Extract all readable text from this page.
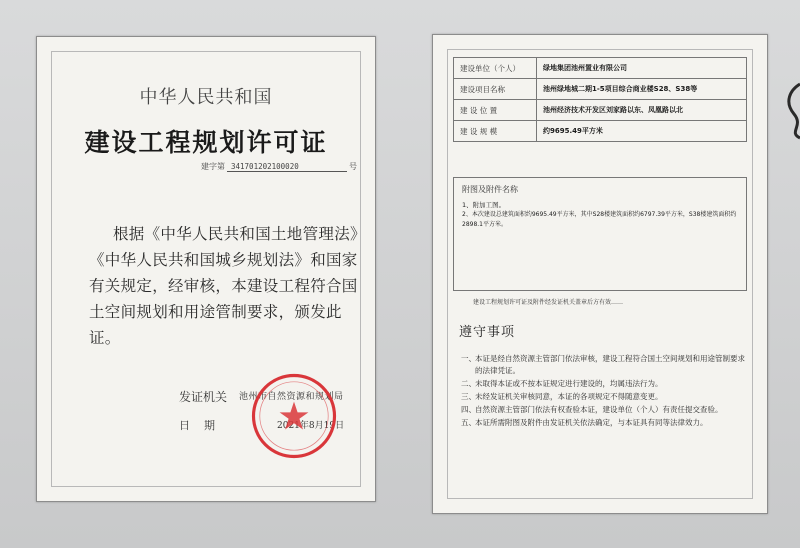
中华人民共和国
建设工程规划许可证
建字第 341701202100020	号
根据《中华人民共和国土地管理法》《中华人民共和国城乡规划法》和国家有关规定，经审核，本建设工程符合国土空间规划和用途管制要求，颁发此证。
发证机关 池州市自然资源和规划局
日期	2021年8月19日
建设单位（个人）	绿地集团池州置业有限公司
建设项目名称	池州绿地城二期1-5项目综合商业楼S28、S38等
建 设 位 置	池州经济技术开发区刘家路以东、凤凰路以北
建 设 规 模	约9695.49平方米
附图及附件名称
1、附加工图。
2、本次建设总建筑面积约9695.49平方米，其中S28楼建筑面积约6797.39平方米，S38楼建筑面积约2898.1平方米。
建设工程规划许可证及附件经发证机关盖章后方有效……
遵守事项
一、 本证是经自然资源主管部门依法审核，建设工程符合国土空间规划和用途管制要求的法律凭证。
二、 未取得本证或不按本证规定进行建设的，均属违法行为。
三、 未经发证机关审核同意，本证的各项规定不得随意变更。
四、 自然资源主管部门依法有权查验本证，建设单位（个人）有责任提交查验。
五、 本证所需附图及附件由发证机关依法确定，与本证具有同等法律效力。
